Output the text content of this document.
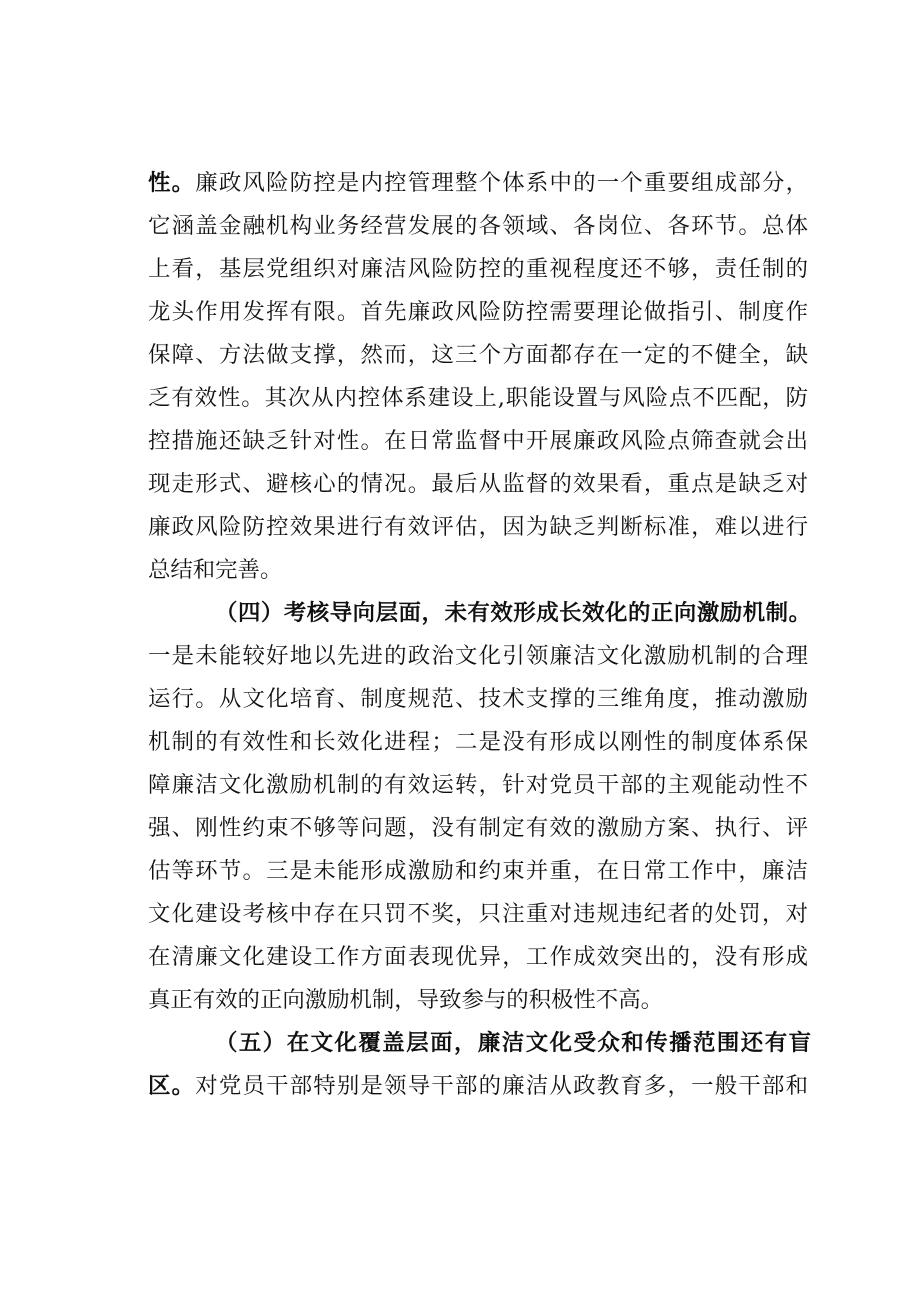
性。廉政风险防控是内控管理整个体系中的一个重要组成部分，
它涵盖金融机构业务经营发展的各领域、各岗位、各环节。总体
上看，基层党组织对廉洁风险防控的重视程度还不够，责任制的
龙头作用发挥有限。首先廉政风险防控需要理论做指引、制度作
保障、方法做支撑，然而，这三个方面都存在一定的不健全，缺
乏有效性。其次从内控体系建设上,职能设置与风险点不匹配，防
控措施还缺乏针对性。在日常监督中开展廉政风险点筛查就会出
现走形式、避核心的情况。最后从监督的效果看，重点是缺乏对
廉政风险防控效果进行有效评估，因为缺乏判断标准，难以进行
总结和完善。
（四）考核导向层面，未有效形成长效化的正向激励机制。
一是未能较好地以先进的政治文化引领廉洁文化激励机制的合理
运行。从文化培育、制度规范、技术支撑的三维角度，推动激励
机制的有效性和长效化进程；二是没有形成以刚性的制度体系保
障廉洁文化激励机制的有效运转，针对党员干部的主观能动性不
强、刚性约束不够等问题，没有制定有效的激励方案、执行、评
估等环节。三是未能形成激励和约束并重，在日常工作中，廉洁
文化建设考核中存在只罚不奖，只注重对违规违纪者的处罚，对
在清廉文化建设工作方面表现优异，工作成效突出的，没有形成
真正有效的正向激励机制，导致参与的积极性不高。
（五）在文化覆盖层面，廉洁文化受众和传播范围还有盲
区。对党员干部特别是领导干部的廉洁从政教育多，一般干部和
